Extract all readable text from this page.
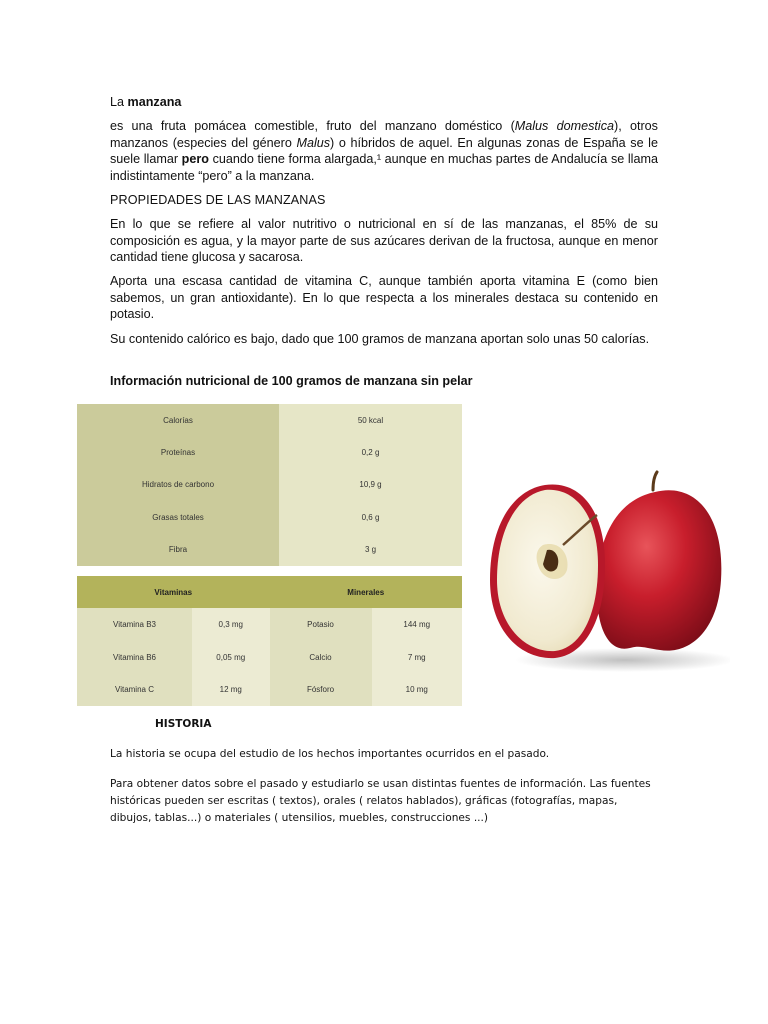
La manzana

es una fruta pomácea comestible, fruto del manzano doméstico (Malus domestica), otros manzanos (especies del género Malus) o híbridos de aquel. En algunas zonas de España se le suele llamar pero cuando tiene forma alargada,¹ aunque en muchas partes de Andalucía se llama indistintamente “pero” a la manzana.

PROPIEDADES DE LAS MANZANAS

En lo que se refiere al valor nutritivo o nutricional en sí de las manzanas, el 85% de su composición es agua, y la mayor parte de sus azúcares derivan de la fructosa, aunque en menor cantidad tiene glucosa y sacarosa.

Aporta una escasa cantidad de vitamina C, aunque también aporta vitamina E (como bien sabemos, un gran antioxidante). En lo que respecta a los minerales destaca su contenido en potasio.

Su contenido calórico es bajo, dado que 100 gramos de manzana aportan solo unas 50 calorías.

Información nutricional de 100 gramos de manzana sin pelar
Calorías	50 kcal
Proteínas	0,2 g
Hidratos de carbono	10,9 g
Grasas totales	0,6 g
Fibra	3 g
Vitaminas	Minerales
Vitamina B3	0,3 mg	Potasio	144 mg
Vitamina B6	0,05 mg	Calcio	7 mg
Vitamina C	12 mg	Fósforo	10 mg
HISTORIA

La historia se ocupa del estudio de los hechos importantes ocurridos en el pasado.

Para obtener datos sobre el pasado y estudiarlo se usan distintas fuentes de información. Las fuentes históricas pueden ser escritas ( textos), orales ( relatos hablados), gráficas (fotografías, mapas, dibujos, tablas...) o materiales ( utensilios, muebles, construcciones ...)
